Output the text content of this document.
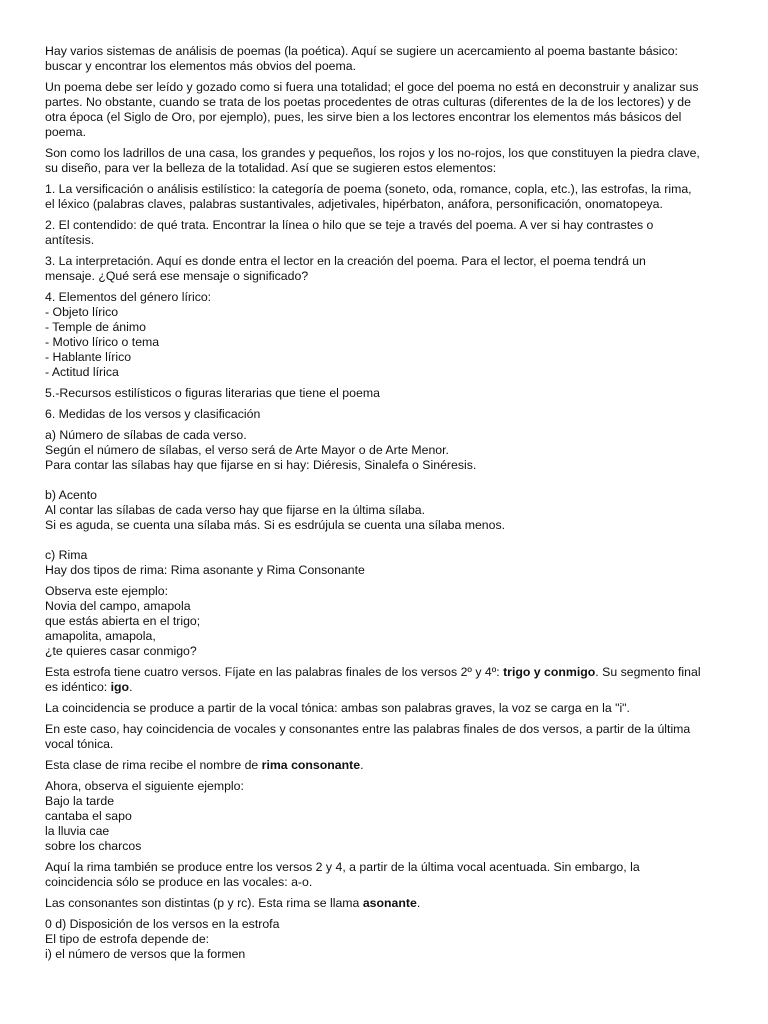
Hay varios sistemas de análisis de poemas (la poética). Aquí se sugiere un acercamiento al poema bastante básico:
buscar y encontrar los elementos más obvios del poema.
Un poema debe ser leído y gozado como si fuera una totalidad; el goce del poema no está en deconstruir y analizar sus
partes. No obstante, cuando se trata de los poetas procedentes de otras culturas (diferentes de la de los lectores) y de
otra época (el Siglo de Oro, por ejemplo), pues, les sirve bien a los lectores encontrar los elementos más básicos del
poema.
Son como los ladrillos de una casa, los grandes y pequeños, los rojos y los no-rojos, los que constituyen la piedra clave,
su diseño, para ver la belleza de la totalidad. Así que se sugieren estos elementos:
1. La versificación o análisis estilístico: la categoría de poema (soneto, oda, romance, copla, etc.), las estrofas, la rima,
el léxico (palabras claves, palabras sustantivales, adjetivales, hipérbaton, anáfora, personificación, onomatopeya.
2. El contendido: de qué trata. Encontrar la línea o hilo que se teje a través del poema. A ver si hay contrastes o
antítesis.
3. La interpretación. Aquí es donde entra el lector en la creación del poema. Para el lector, el poema tendrá un
mensaje. ¿Qué será ese mensaje o significado?
4. Elementos del género lírico:
- Objeto lírico
- Temple de ánimo
- Motivo lírico o tema
- Hablante lírico
- Actitud lírica
5.-Recursos estilísticos o figuras literarias que tiene el poema
6. Medidas de los versos y clasificación
a) Número de sílabas de cada verso.
Según el número de sílabas, el verso será de Arte Mayor o de Arte Menor.
Para contar las sílabas hay que fijarse en si hay: Diéresis, Sinalefa o Sinéresis.
b) Acento
Al contar las sílabas de cada verso hay que fijarse en la última sílaba.
Si es aguda, se cuenta una sílaba más. Si es esdrújula se cuenta una sílaba menos.
c) Rima
Hay dos tipos de rima: Rima asonante y Rima Consonante
Observa este ejemplo:
Novia del campo, amapola
que estás abierta en el trigo;
amapolita, amapola,
¿te quieres casar conmigo?
Esta estrofa tiene cuatro versos. Fíjate en las palabras finales de los versos 2º y 4º: trigo y conmigo. Su segmento final
es idéntico: igo.
La coincidencia se produce a partir de la vocal tónica: ambas son palabras graves, la voz se carga en la "i".
En este caso, hay coincidencia de vocales y consonantes entre las palabras finales de dos versos, a partir de la última
vocal tónica.
Esta clase de rima recibe el nombre de rima consonante.
Ahora, observa el siguiente ejemplo:
Bajo la tarde
cantaba el sapo
la lluvia cae
sobre los charcos
Aquí la rima también se produce entre los versos 2 y 4, a partir de la última vocal acentuada. Sin embargo, la
coincidencia sólo se produce en las vocales: a-o.
Las consonantes son distintas (p y rc). Esta rima se llama asonante.
0 d) Disposición de los versos en la estrofa
El tipo de estrofa depende de:
i) el número de versos que la formen
